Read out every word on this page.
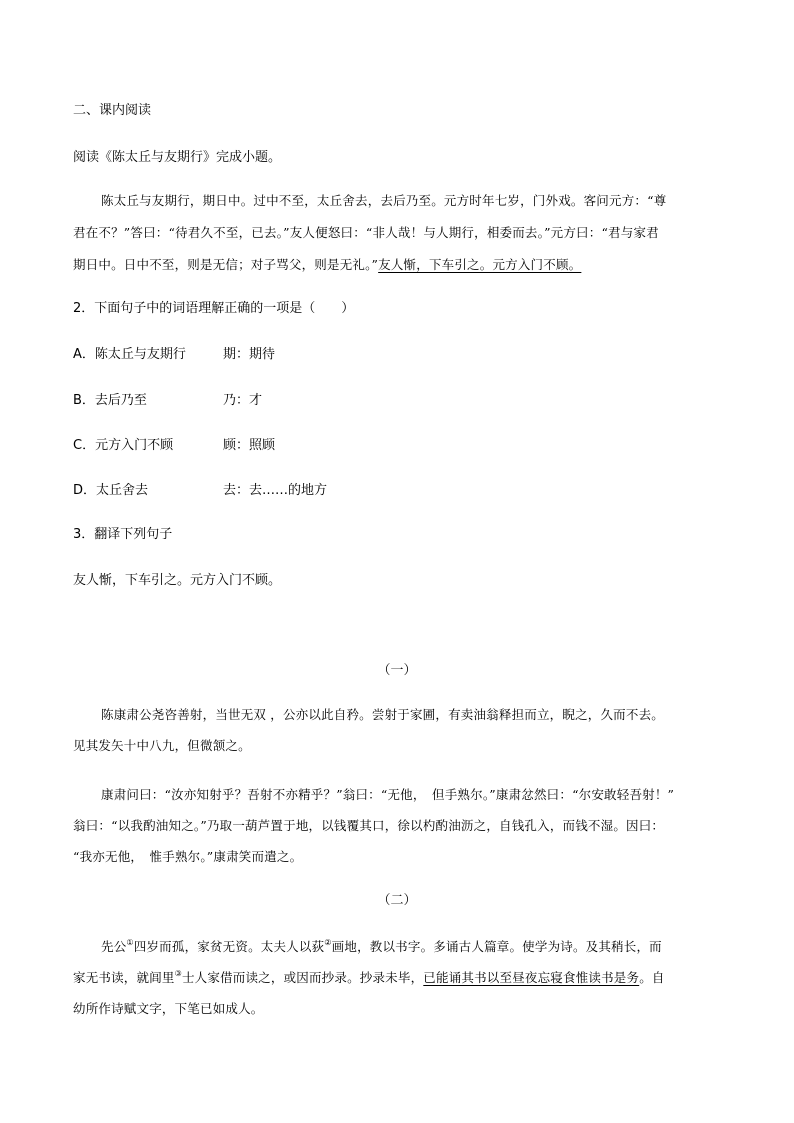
二、课内阅读
阅读《陈太丘与友期行》完成小题。
陈太丘与友期行，期日中。过中不至，太丘舍去，去后乃至。元方时年七岁，门外戏。客问元方：“尊
君在不？”答曰：“待君久不至，已去。”友人便怒曰：“非人哉！与人期行，相委而去。”元方曰：“君与家君
期日中。日中不至，则是无信；对子骂父，则是无礼。”友人惭，下车引之。元方入门不顾。
2．下面句子中的词语理解正确的一项是（　　）
A．陈太丘与友期行	期：期待
B．去后乃至	乃：才
C．元方入门不顾	顾：照顾
D．太丘舍去	去：去……的地方
3．翻译下列句子
友人惭，下车引之。元方入门不顾。
（一）
陈康肃公尧咨善射，当世无双 ，公亦以此自矜。尝射于家圃，有卖油翁释担而立，睨之，久而不去。
见其发矢十中八九，但微颔之。
康肃问曰：“汝亦知射乎？吾射不亦精乎？”翁曰：“无他，　但手熟尔。”康肃忿然曰：“尔安敢轻吾射！”
翁曰：“以我酌油知之。”乃取一葫芦置于地，以钱覆其口，徐以杓酌油沥之，自钱孔入，而钱不湿。因曰：
“我亦无他，　惟手熟尔。”康肃笑而遣之。
（二）
先公①四岁而孤，家贫无资。太夫人以荻②画地，教以书字。多诵古人篇章。使学为诗。及其稍长，而
家无书读，就闾里③士人家借而读之，或因而抄录。抄录未毕，已能诵其书以至昼夜忘寝食惟读书是务。自
幼所作诗赋文字，下笔已如成人。
